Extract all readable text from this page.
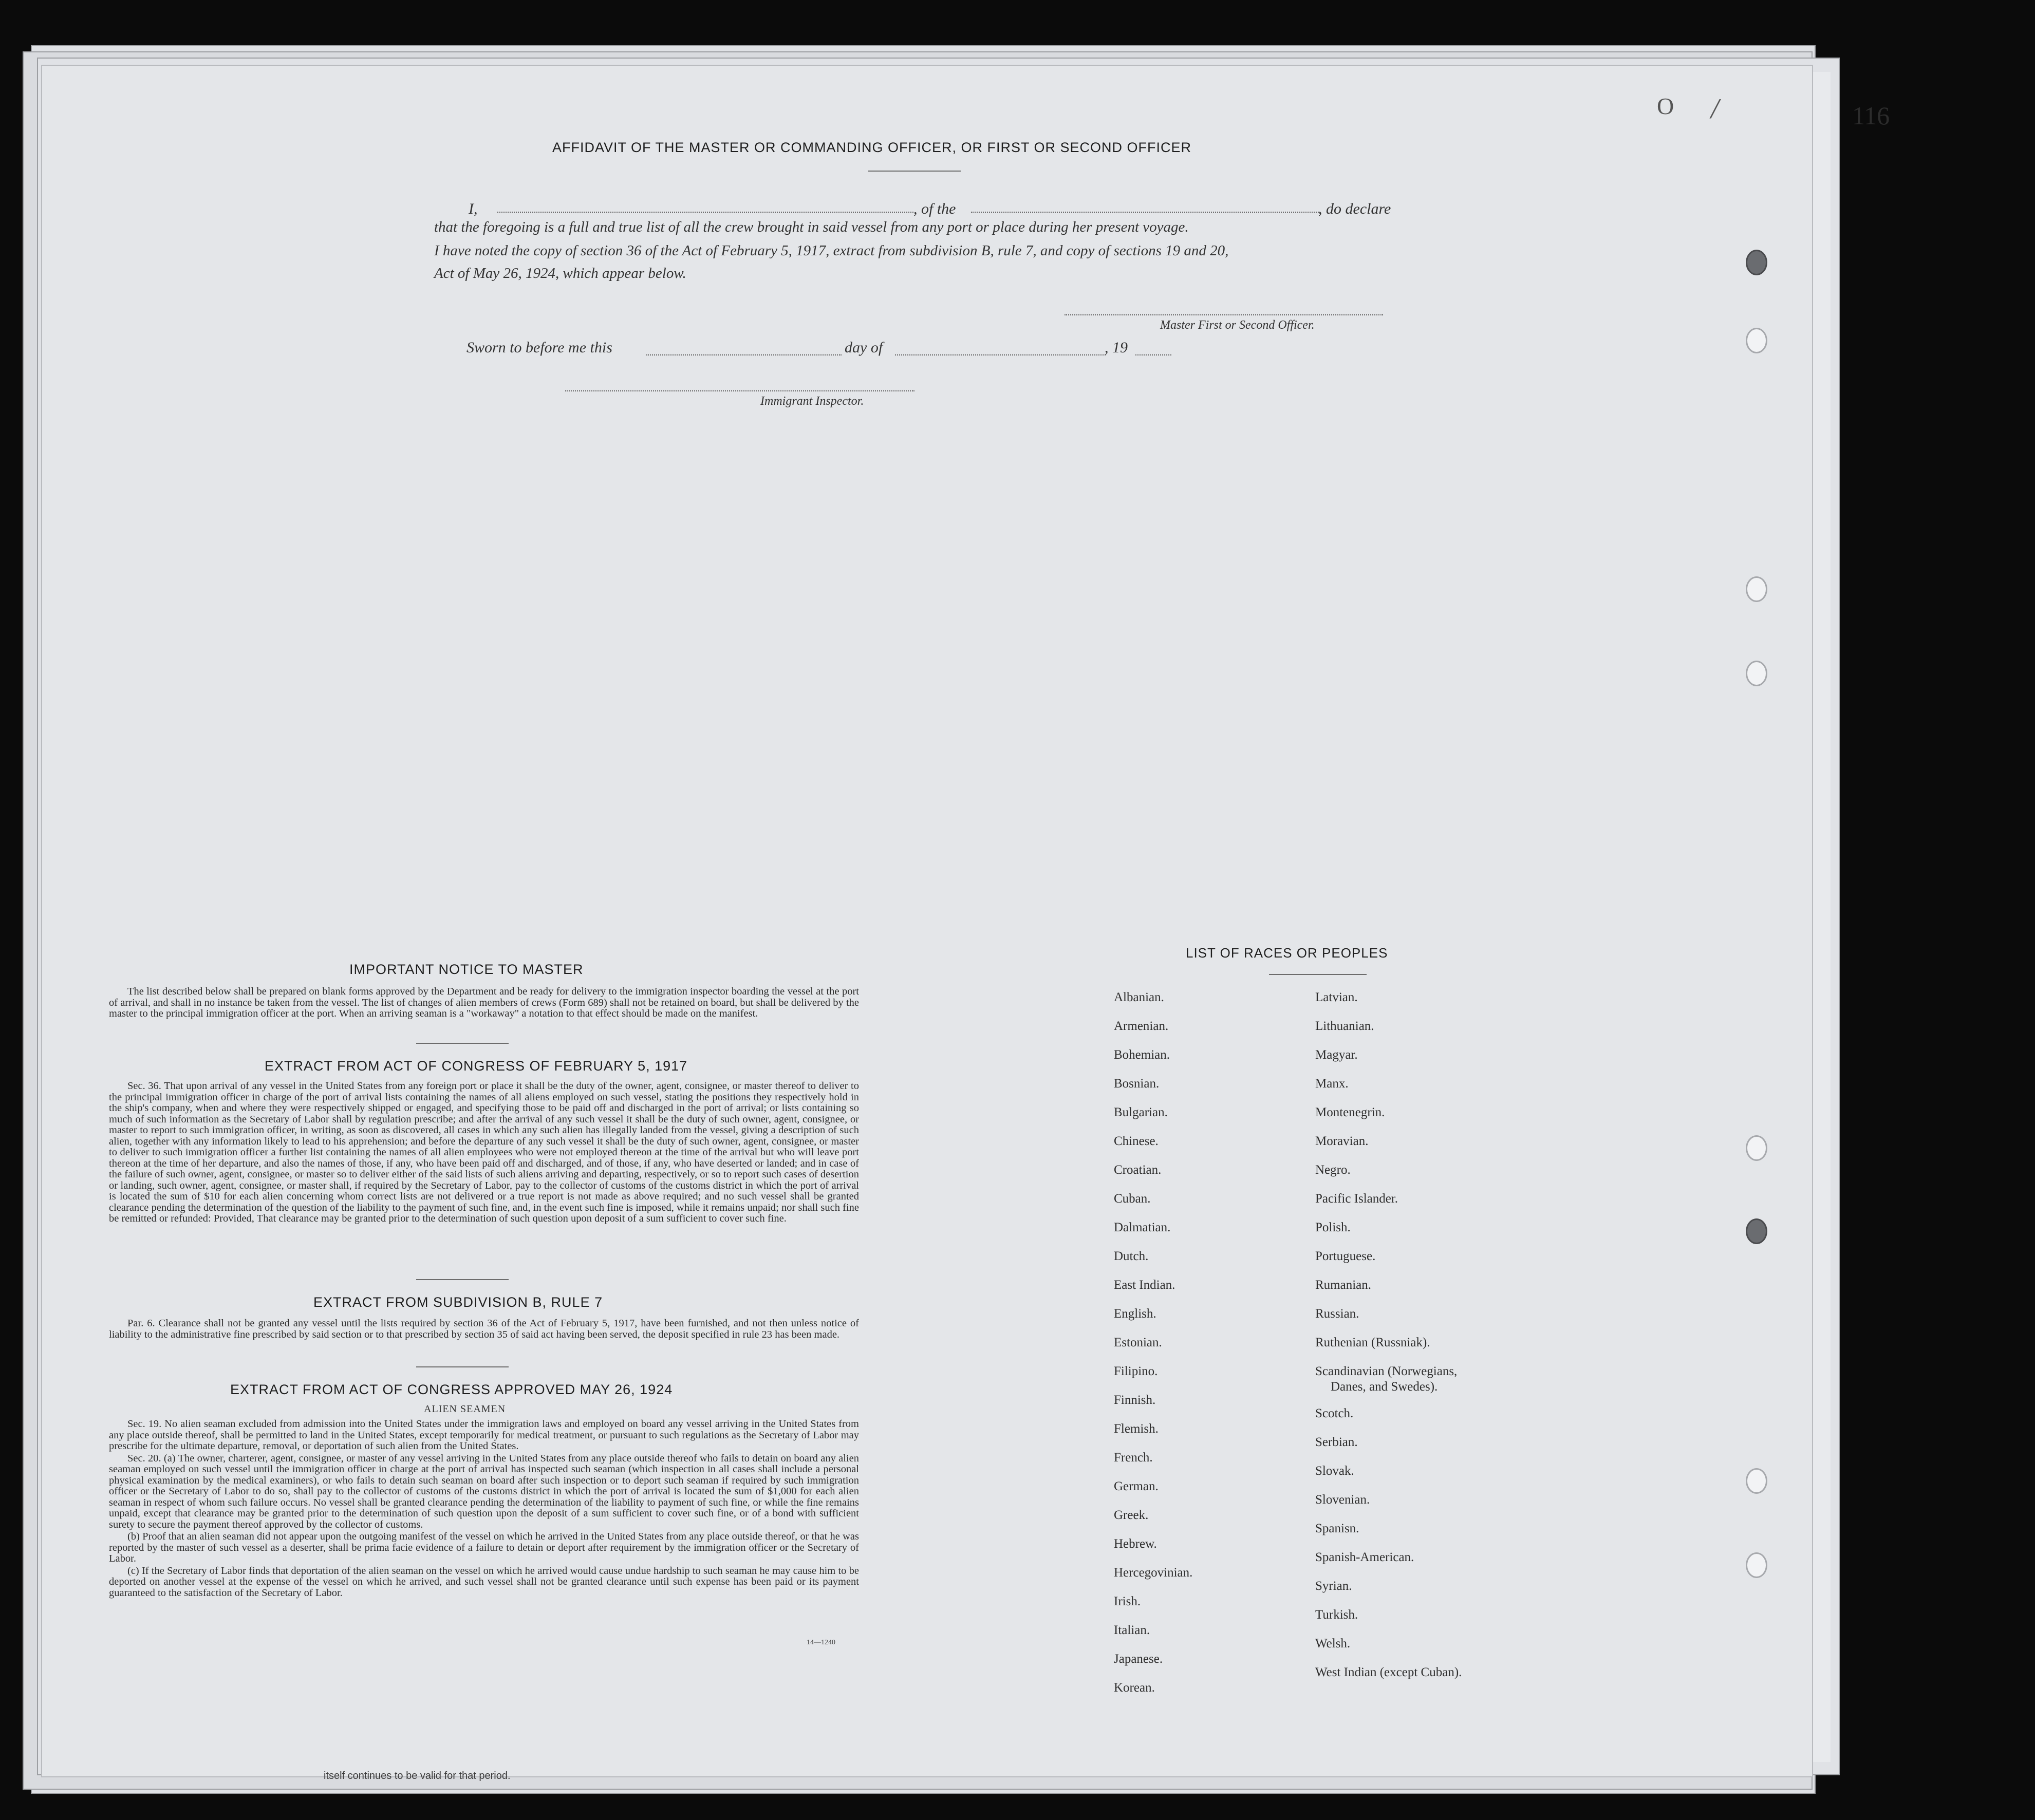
116
O /
AFFIDAVIT OF THE MASTER OR COMMANDING OFFICER, OR FIRST OR SECOND OFFICER
I,	, of the	, do declare
that the foregoing is a full and true list of all the crew brought in said vessel from any port or place during her present voyage.
I have noted the copy of section 36 of the Act of February 5, 1917, extract from subdivision B, rule 7, and copy of sections 19 and 20,
Act of May 26, 1924, which appear below.
Master First or Second Officer.
Sworn to before me this	day of	, 19
Immigrant Inspector.
IMPORTANT NOTICE TO MASTER

The list described below shall be prepared on blank forms approved by the Department and be ready for delivery to the immigration inspector boarding the vessel at the port of arrival, and shall in no instance be taken from the vessel. The list of changes of alien members of crews (Form 689) shall not be retained on board, but shall be delivered by the master to the principal immigration officer at the port. When an arriving seaman is a "workaway" a notation to that effect should be made on the manifest.

EXTRACT FROM ACT OF CONGRESS OF FEBRUARY 5, 1917

Sec. 36. That upon arrival of any vessel in the United States from any foreign port or place it shall be the duty of the owner, agent, consignee, or master thereof to deliver to the principal immigration officer in charge of the port of arrival lists containing the names of all aliens employed on such vessel, stating the positions they respectively hold in the ship's company, when and where they were respectively shipped or engaged, and specifying those to be paid off and discharged in the port of arrival; or lists containing so much of such information as the Secretary of Labor shall by regulation prescribe; and after the arrival of any such vessel it shall be the duty of such owner, agent, consignee, or master to report to such immigration officer, in writing, as soon as discovered, all cases in which any such alien has illegally landed from the vessel, giving a description of such alien, together with any information likely to lead to his apprehension; and before the departure of any such vessel it shall be the duty of such owner, agent, consignee, or master to deliver to such immigration officer a further list containing the names of all alien employees who were not employed thereon at the time of the arrival but who will leave port thereon at the time of her departure, and also the names of those, if any, who have been paid off and discharged, and of those, if any, who have deserted or landed; and in case of the failure of such owner, agent, consignee, or master so to deliver either of the said lists of such aliens arriving and departing, respectively, or so to report such cases of desertion or landing, such owner, agent, consignee, or master shall, if required by the Secretary of Labor, pay to the collector of customs of the customs district in which the port of arrival is located the sum of $10 for each alien concerning whom correct lists are not delivered or a true report is not made as above required; and no such vessel shall be granted clearance pending the determination of the question of the liability to the payment of such fine, and, in the event such fine is imposed, while it remains unpaid; nor shall such fine be remitted or refunded: Provided, That clearance may be granted prior to the determination of such question upon deposit of a sum sufficient to cover such fine.

EXTRACT FROM SUBDIVISION B, RULE 7

Par. 6. Clearance shall not be granted any vessel until the lists required by section 36 of the Act of February 5, 1917, have been furnished, and not then unless notice of liability to the administrative fine prescribed by said section or to that prescribed by section 35 of said act having been served, the deposit specified in rule 23 has been made.

EXTRACT FROM ACT OF CONGRESS APPROVED MAY 26, 1924
ALIEN SEAMEN

Sec. 19. No alien seaman excluded from admission into the United States under the immigration laws and employed on board any vessel arriving in the United States from any place outside thereof, shall be permitted to land in the United States, except temporarily for medical treatment, or pursuant to such regulations as the Secretary of Labor may prescribe for the ultimate departure, removal, or deportation of such alien from the United States.

Sec. 20. (a) The owner, charterer, agent, consignee, or master of any vessel arriving in the United States from any place outside thereof who fails to detain on board any alien seaman employed on such vessel until the immigration officer in charge at the port of arrival has inspected such seaman (which inspection in all cases shall include a personal physical examination by the medical examiners), or who fails to detain such seaman on board after such inspection or to deport such seaman if required by such immigration officer or the Secretary of Labor to do so, shall pay to the collector of customs of the customs district in which the port of arrival is located the sum of $1,000 for each alien seaman in respect of whom such failure occurs. No vessel shall be granted clearance pending the determination of the liability to payment of such fine, or while the fine remains unpaid, except that clearance may be granted prior to the determination of such question upon the deposit of a sum sufficient to cover such fine, or of a bond with sufficient surety to secure the payment thereof approved by the collector of customs.

(b) Proof that an alien seaman did not appear upon the outgoing manifest of the vessel on which he arrived in the United States from any place outside thereof, or that he was reported by the master of such vessel as a deserter, shall be prima facie evidence of a failure to detain or deport after requirement by the immigration officer or the Secretary of Labor.

(c) If the Secretary of Labor finds that deportation of the alien seaman on the vessel on which he arrived would cause undue hardship to such seaman he may cause him to be deported on another vessel at the expense of the vessel on which he arrived, and such vessel shall not be granted clearance until such expense has been paid or its payment guaranteed to the satisfaction of the Secretary of Labor.

14—1240
LIST OF RACES OR PEOPLES
Albanian.
Armenian.
Bohemian.
Bosnian.
Bulgarian.
Chinese.
Croatian.
Cuban.
Dalmatian.
Dutch.
East Indian.
English.
Estonian.
Filipino.
Finnish.
Flemish.
French.
German.
Greek.
Hebrew.
Hercegovinian.
Irish.
Italian.
Japanese.
Korean.
Latvian.
Lithuanian.
Magyar.
Manx.
Montenegrin.
Moravian.
Negro.
Pacific Islander.
Polish.
Portuguese.
Rumanian.
Russian.
Ruthenian (Russniak).
Scandinavian (Norwegians,
Danes, and Swedes).
Scotch.
Serbian.
Slovak.
Slovenian.
Spanisn.
Spanish-American.
Syrian.
Turkish.
Welsh.
West Indian (except Cuban).
itself continues to be valid for that period.
